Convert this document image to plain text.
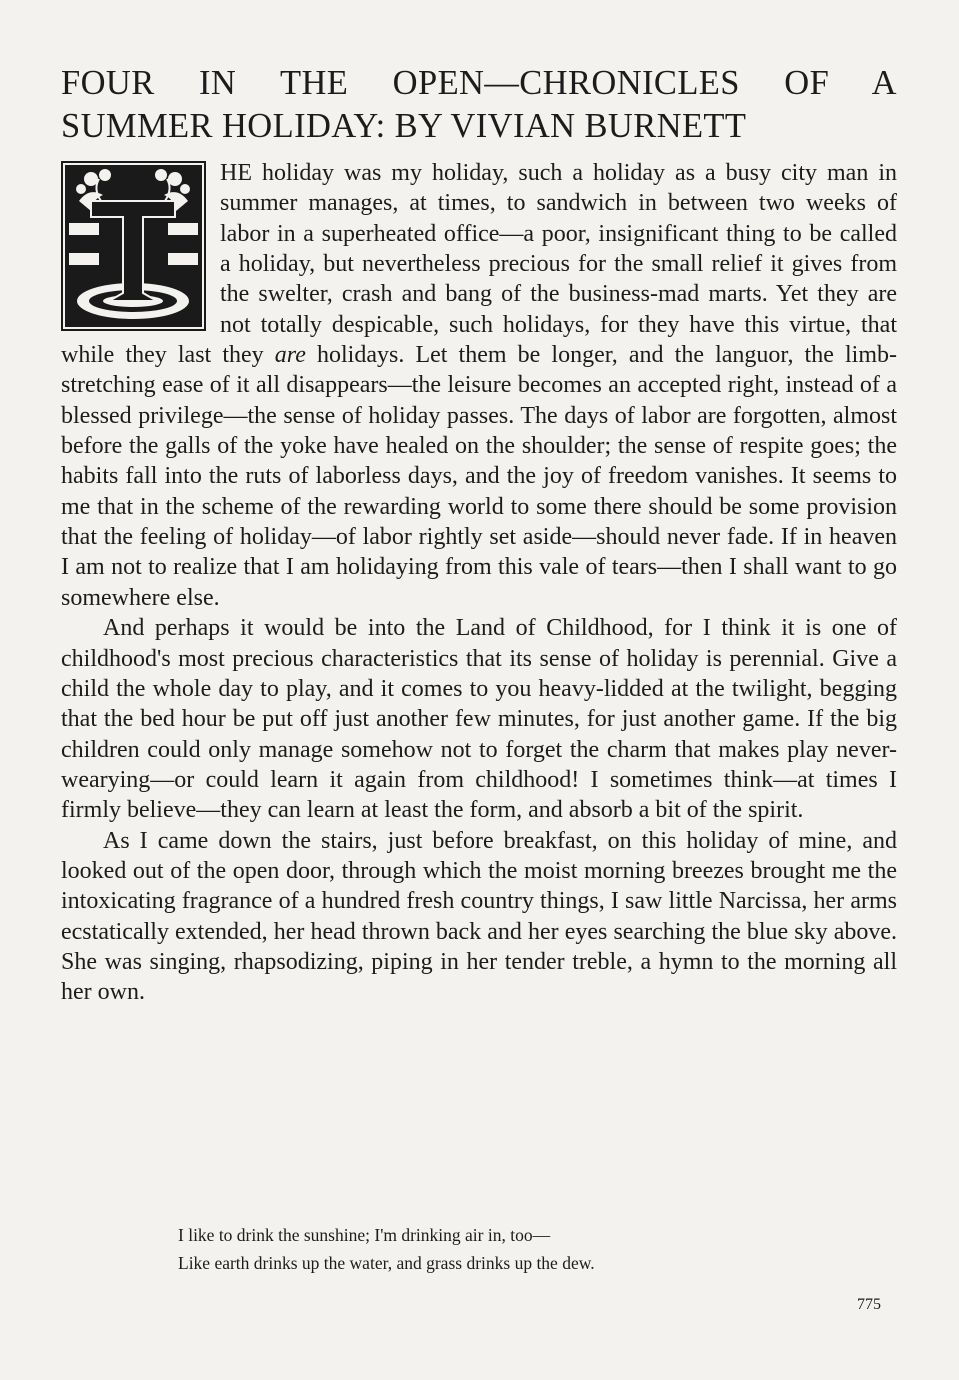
FOUR IN THE OPEN—CHRONICLES OF A
SUMMER HOLIDAY: BY VIVIAN BURNETT

HE holiday was my holiday, such a holiday as a busy city man in summer manages, at times, to sandwich in between two weeks of labor in a superheated office—a poor, insignificant thing to be called a holiday, but nevertheless precious for the small relief it gives from the swelter, crash and bang of the business-mad marts. Yet they are not totally despicable, such holidays, for they have this virtue, that while they last they are holidays. Let them be longer, and the languor, the limb-stretching ease of it all disappears—the leisure becomes an accepted right, instead of a blessed privilege—the sense of holiday passes. The days of labor are forgotten, almost before the galls of the yoke have healed on the shoulder; the sense of respite goes; the habits fall into the ruts of laborless days, and the joy of freedom vanishes. It seems to me that in the scheme of the rewarding world to some there should be some provision that the feeling of holiday—of labor rightly set aside—should never fade. If in heaven I am not to realize that I am holidaying from this vale of tears—then I shall want to go somewhere else.

And perhaps it would be into the Land of Childhood, for I think it is one of childhood's most precious characteristics that its sense of holiday is perennial. Give a child the whole day to play, and it comes to you heavy-lidded at the twilight, begging that the bed hour be put off just another few minutes, for just another game. If the big children could only manage somehow not to forget the charm that makes play never-wearying—or could learn it again from childhood! I sometimes think—at times I firmly believe—they can learn at least the form, and absorb a bit of the spirit.

As I came down the stairs, just before breakfast, on this holiday of mine, and looked out of the open door, through which the moist morning breezes brought me the intoxicating fragrance of a hundred fresh country things, I saw little Narcissa, her arms ecstatically extended, her head thrown back and her eyes searching the blue sky above. She was singing, rhapsodizing, piping in her tender treble, a hymn to the morning all her own.

I like to drink the sunshine; I'm drinking air in, too—
Like earth drinks up the water, and grass drinks up the dew.
775
